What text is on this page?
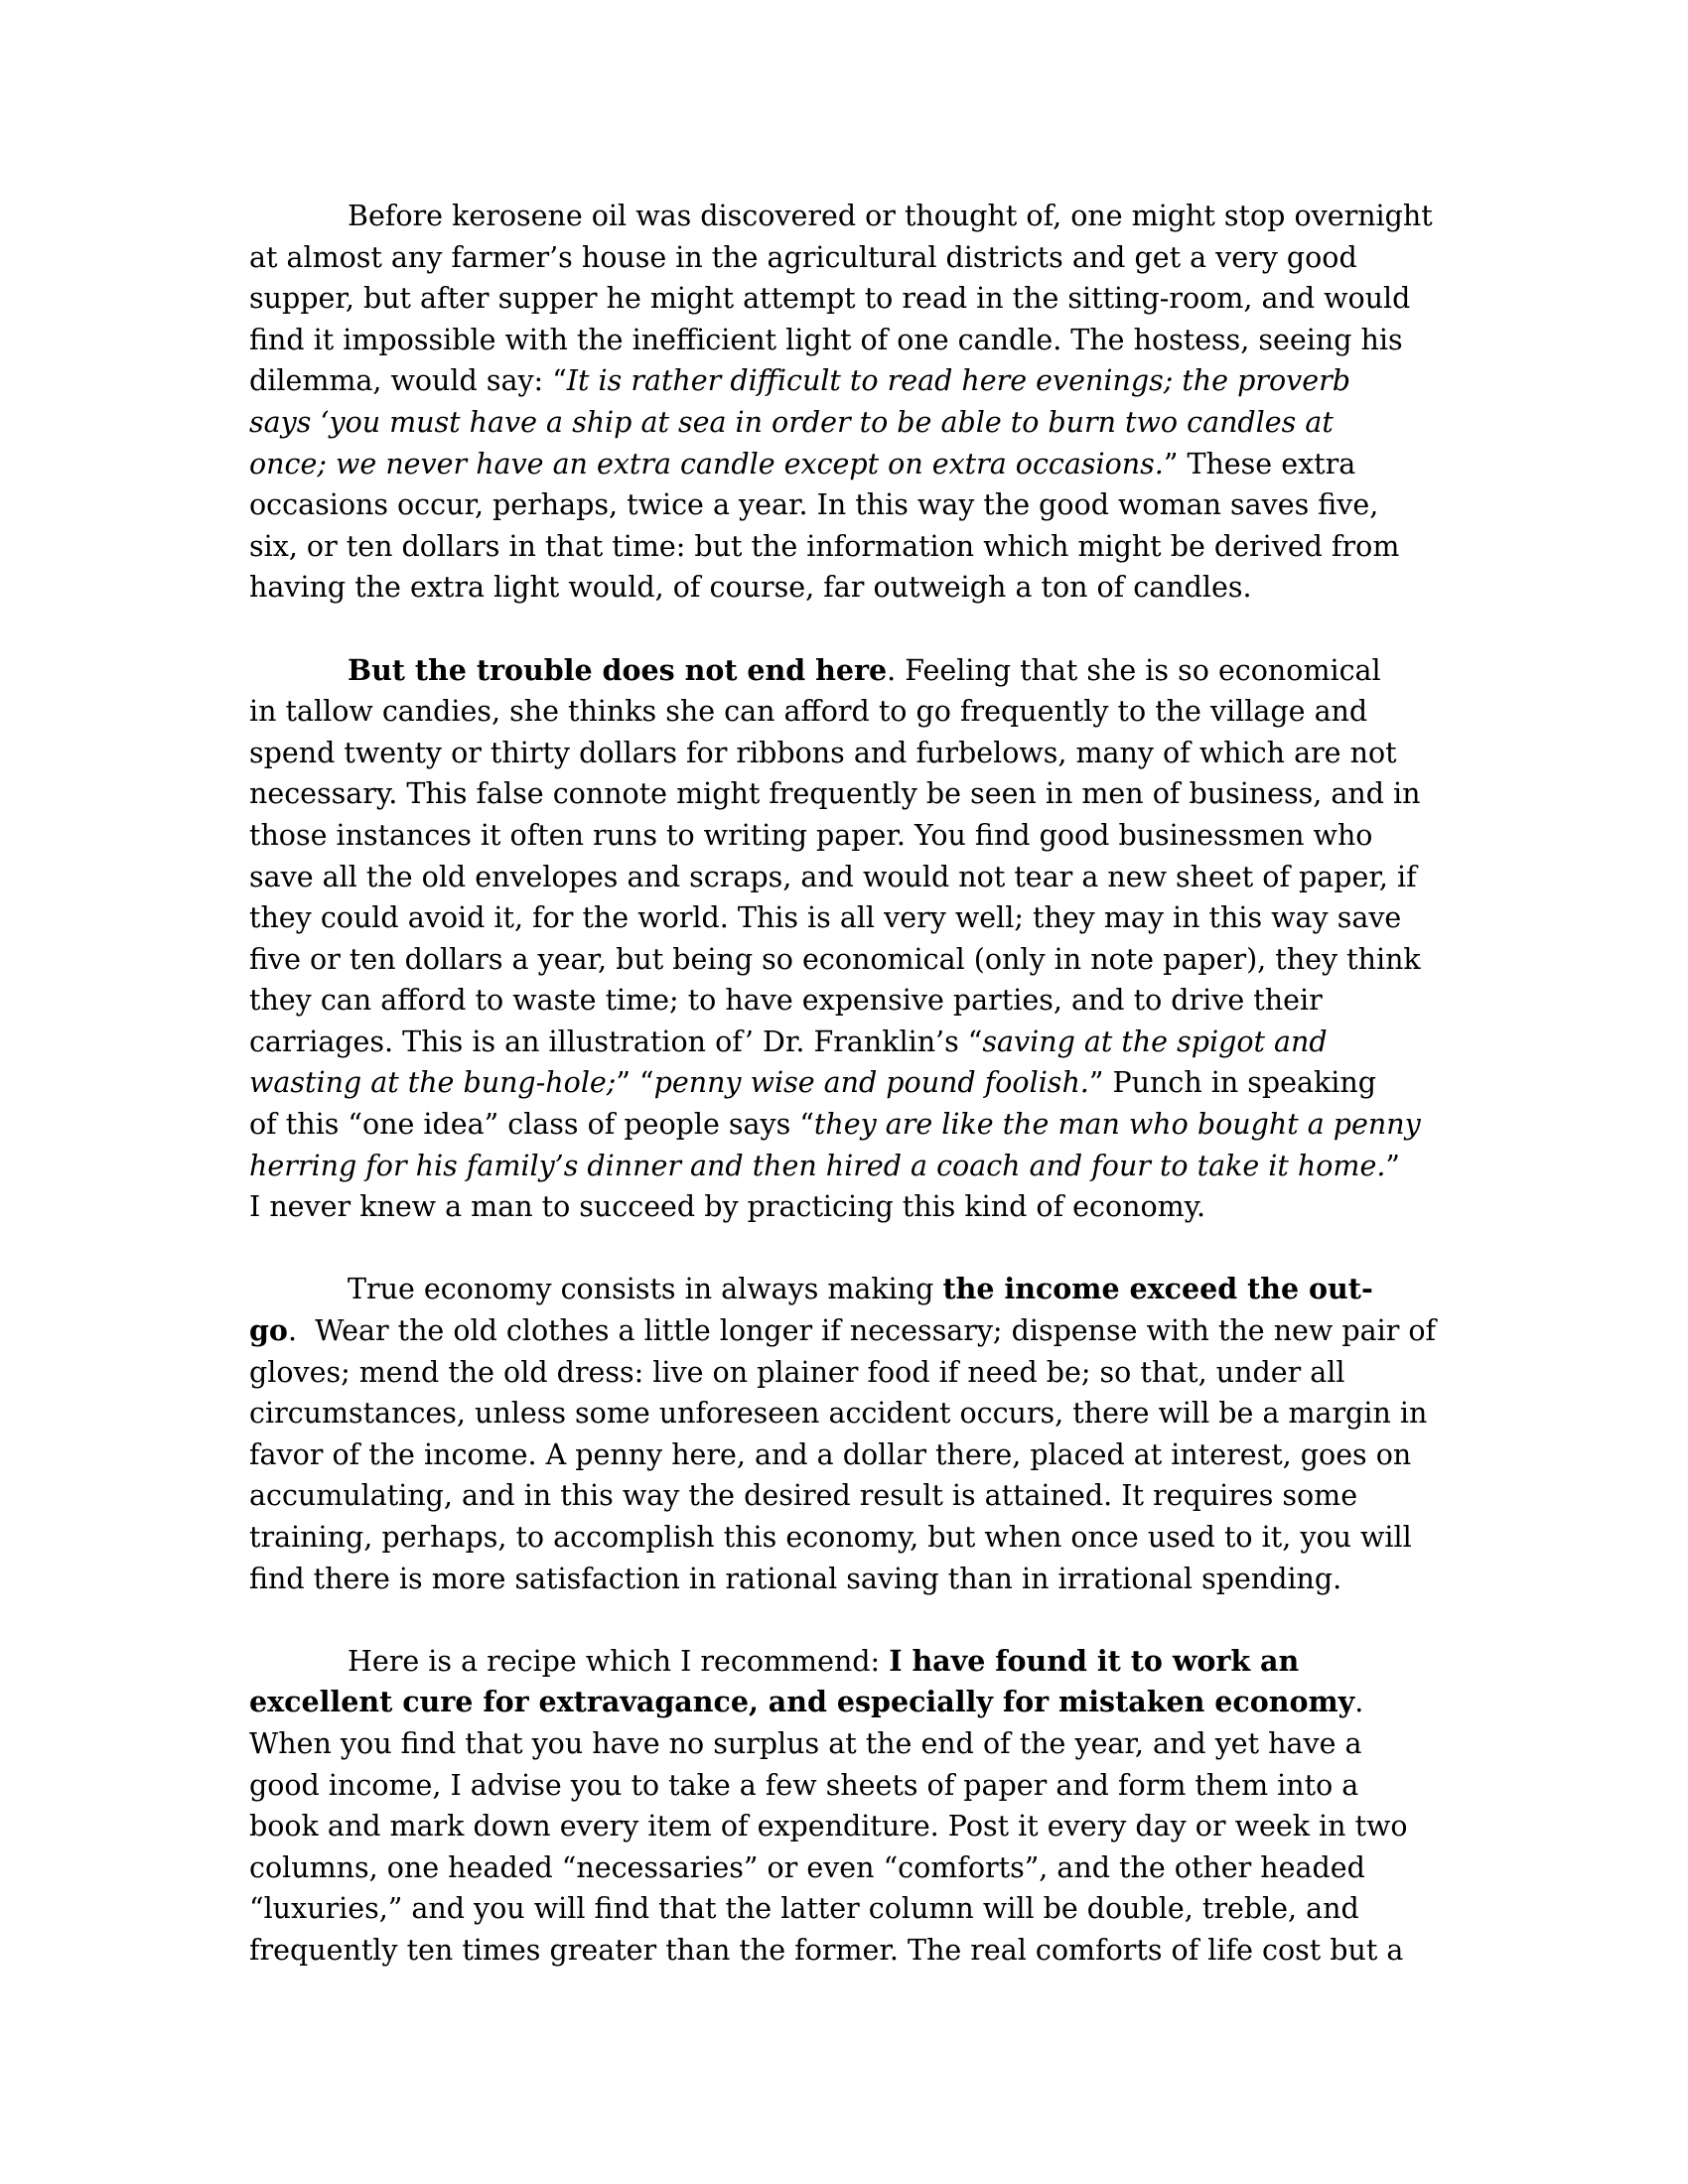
Before kerosene oil was discovered or thought of, one might stop overnight
at almost any farmer’s house in the agricultural districts and get a very good
supper, but after supper he might attempt to read in the sitting-room, and would
find it impossible with the inefficient light of one candle. The hostess, seeing his
dilemma, would say: “It is rather difficult to read here evenings; the proverb
says ‘you must have a ship at sea in order to be able to burn two candles at
once; we never have an extra candle except on extra occasions.” These extra
occasions occur, perhaps, twice a year. In this way the good woman saves five,
six, or ten dollars in that time: but the information which might be derived from
having the extra light would, of course, far outweigh a ton of candles.
But the trouble does not end here. Feeling that she is so economical
in tallow candies, she thinks she can afford to go frequently to the village and
spend twenty or thirty dollars for ribbons and furbelows, many of which are not
necessary. This false connote might frequently be seen in men of business, and in
those instances it often runs to writing paper. You find good businessmen who
save all the old envelopes and scraps, and would not tear a new sheet of paper, if
they could avoid it, for the world. This is all very well; they may in this way save
five or ten dollars a year, but being so economical (only in note paper), they think
they can afford to waste time; to have expensive parties, and to drive their
carriages. This is an illustration of’ Dr. Franklin’s “saving at the spigot and
wasting at the bung-hole;” “penny wise and pound foolish.” Punch in speaking
of this “one idea” class of people says “they are like the man who bought a penny
herring for his family’s dinner and then hired a coach and four to take it home.”
I never knew a man to succeed by practicing this kind of economy.
True economy consists in always making the income exceed the out-
go.  Wear the old clothes a little longer if necessary; dispense with the new pair of
gloves; mend the old dress: live on plainer food if need be; so that, under all
circumstances, unless some unforeseen accident occurs, there will be a margin in
favor of the income. A penny here, and a dollar there, placed at interest, goes on
accumulating, and in this way the desired result is attained. It requires some
training, perhaps, to accomplish this economy, but when once used to it, you will
find there is more satisfaction in rational saving than in irrational spending.
Here is a recipe which I recommend: I have found it to work an
excellent cure for extravagance, and especially for mistaken economy.
When you find that you have no surplus at the end of the year, and yet have a
good income, I advise you to take a few sheets of paper and form them into a
book and mark down every item of expenditure. Post it every day or week in two
columns, one headed “necessaries” or even “comforts”, and the other headed
“luxuries,” and you will find that the latter column will be double, treble, and
frequently ten times greater than the former. The real comforts of life cost but a
